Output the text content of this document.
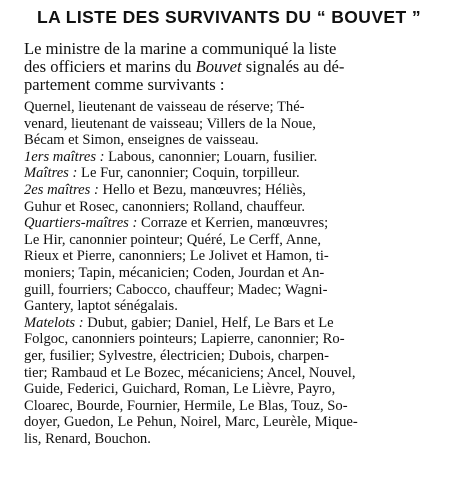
LA LISTE DES SURVIVANTS DU “ BOUVET ”

Le ministre de la marine a communiqué la liste
des officiers et marins du Bouvet signalés au dé-
partement comme survivants :

Quernel, lieutenant de vaisseau de réserve; Thé-
venard, lieutenant de vaisseau; Villers de la Noue,
Bécam et Simon, enseignes de vaisseau.

1ers maîtres : Labous, canonnier; Louarn, fusilier.

Maîtres : Le Fur, canonnier; Coquin, torpilleur.

2es maîtres : Hello et Bezu, manœuvres; Héliès,
Guhur et Rosec, canonniers; Rolland, chauffeur.

Quartiers-maîtres : Corraze et Kerrien, manœuvres;
Le Hir, canonnier pointeur; Quéré, Le Cerff, Anne,
Rieux et Pierre, canonniers; Le Jolivet et Hamon, ti-
moniers; Tapin, mécanicien; Coden, Jourdan et An-
guill, fourriers; Cabocco, chauffeur; Madec; Wagni-
Gantery, laptot sénégalais.

Matelots : Dubut, gabier; Daniel, Helf, Le Bars et Le
Folgoc, canonniers pointeurs; Lapierre, canonnier; Ro-
ger, fusilier; Sylvestre, électricien; Dubois, charpen-
tier; Rambaud et Le Bozec, mécaniciens; Ancel, Nouvel,
Guide, Federici, Guichard, Roman, Le Lièvre, Payro,
Cloarec, Bourde, Fournier, Hermile, Le Blas, Touz, So-
doyer, Guedon, Le Pehun, Noirel, Marc, Leurèle, Mique-
lis, Renard, Bouchon.
